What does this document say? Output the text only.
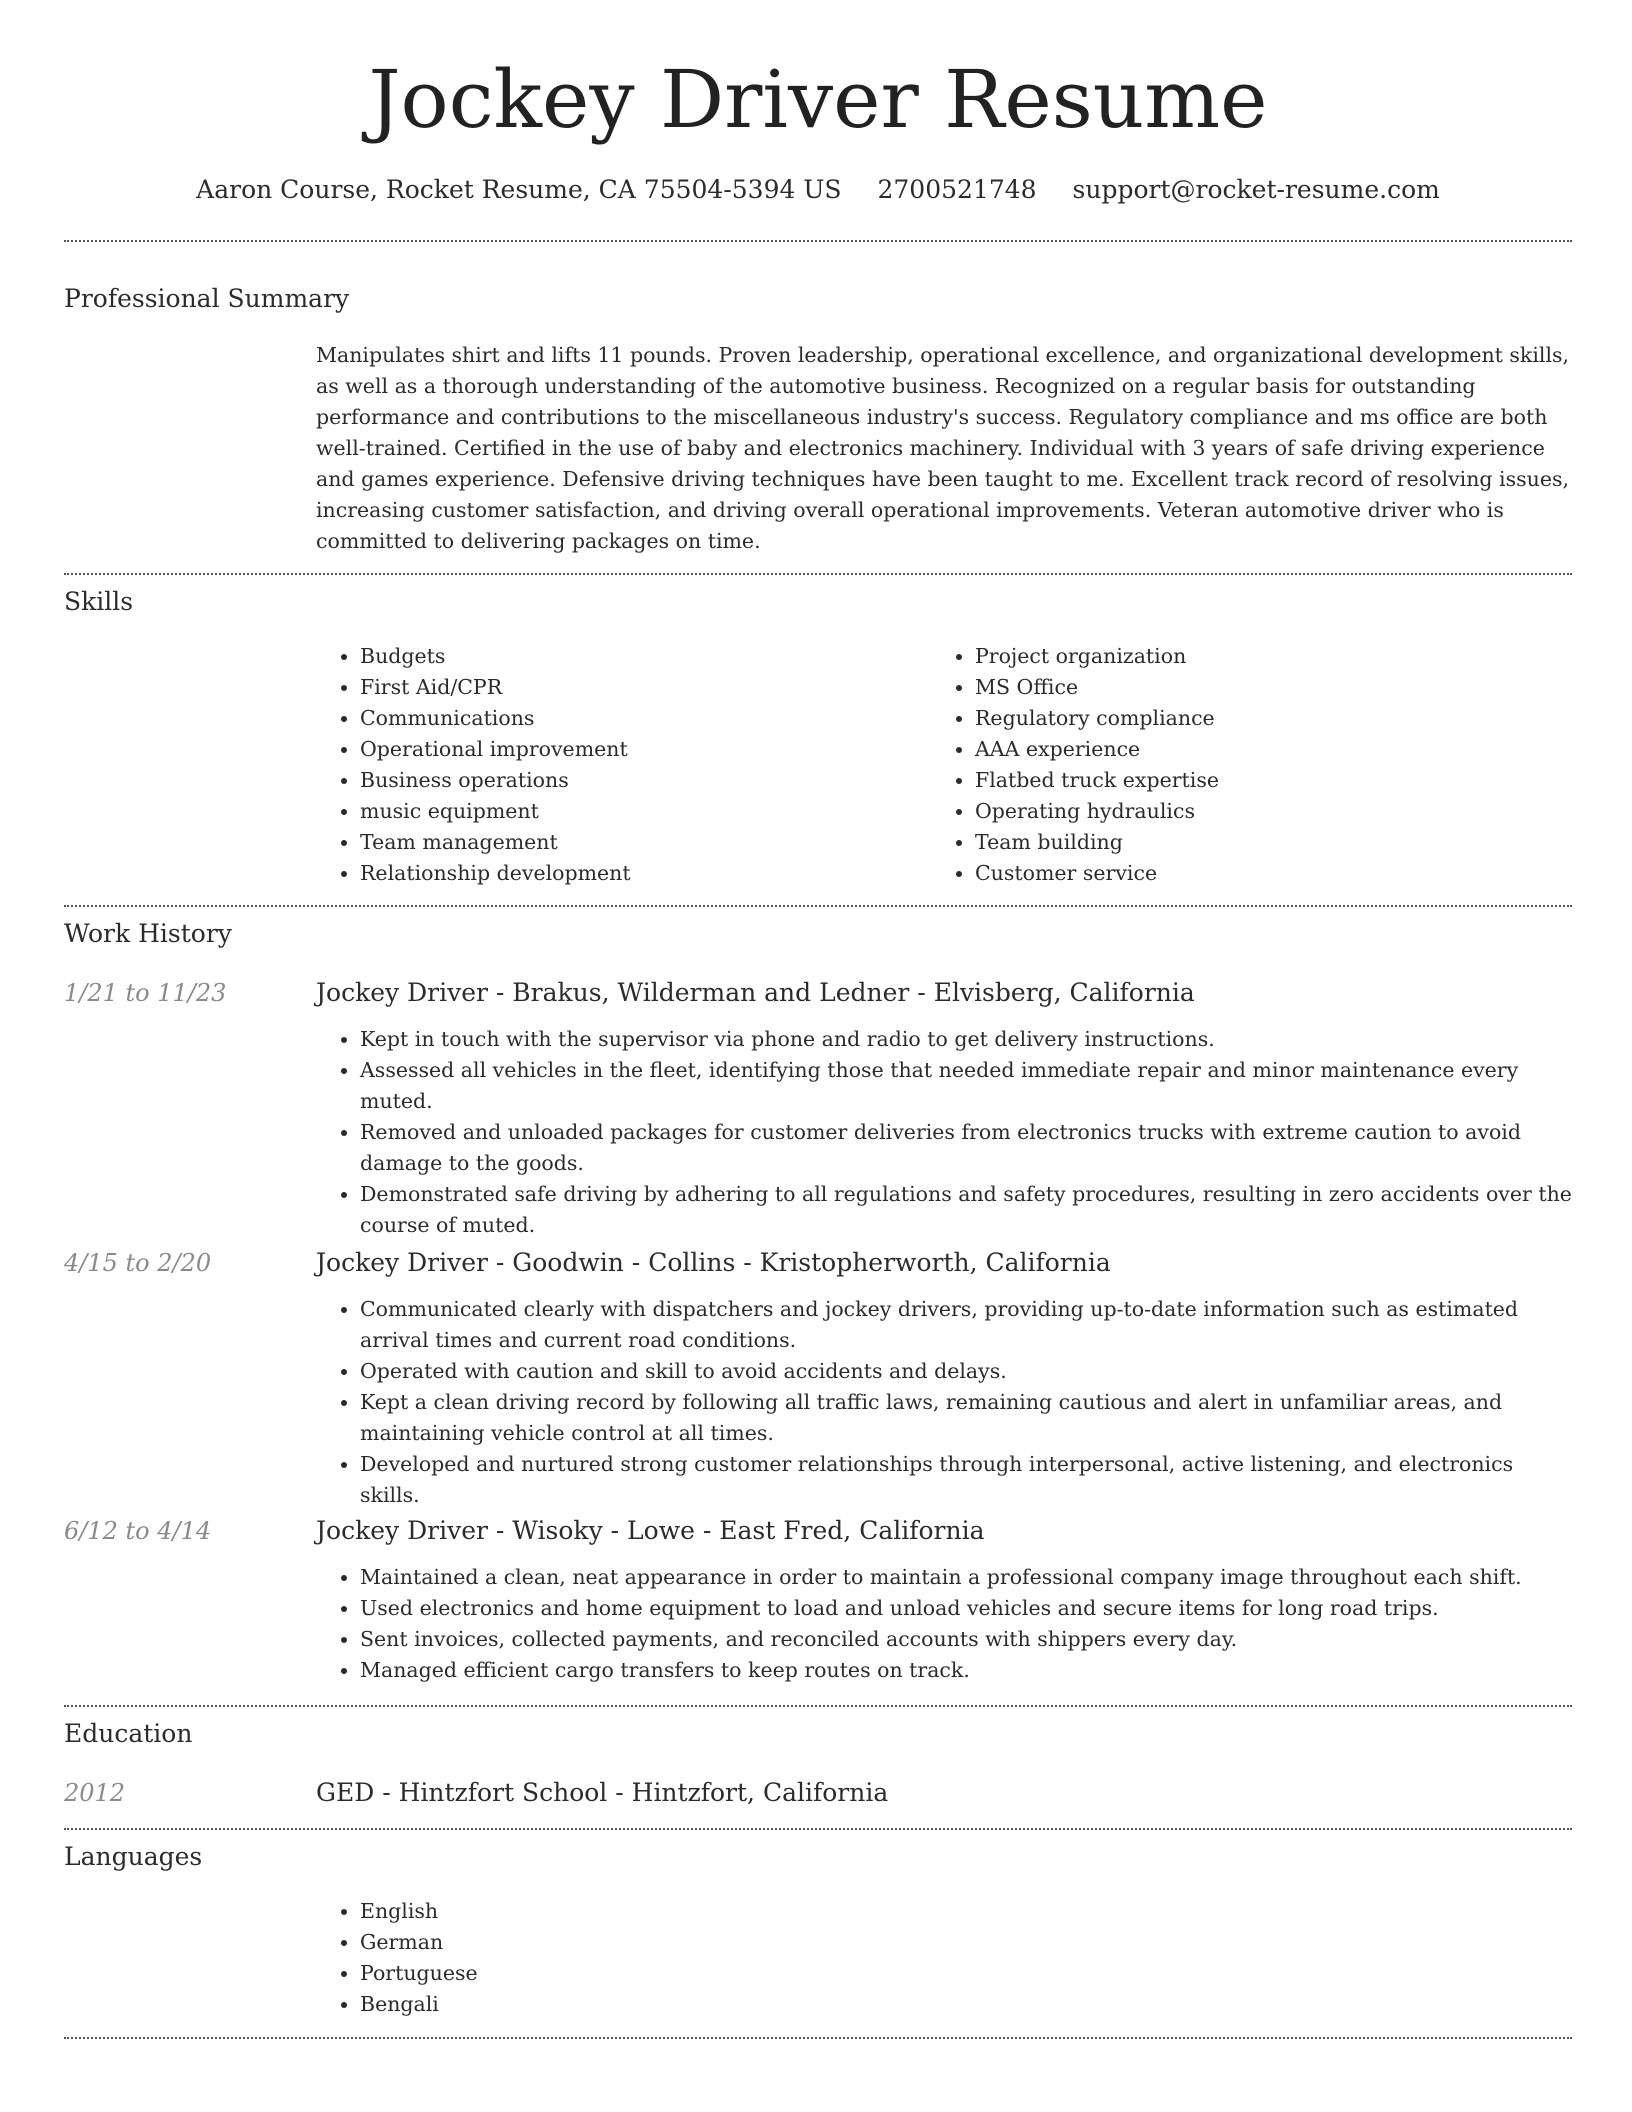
Jockey Driver Resume
Aaron Course, Rocket Resume, CA 75504-5394 US 2700521748 support@rocket-resume.com
Professional Summary

Manipulates shirt and lifts 11 pounds. Proven leadership, operational excellence, and organizational development skills, as well as a thorough understanding of the automotive business. Recognized on a regular basis for outstanding performance and contributions to the miscellaneous industry's success. Regulatory compliance and ms office are both well-trained. Certified in the use of baby and electronics machinery. Individual with 3 years of safe driving experience and games experience. Defensive driving techniques have been taught to me. Excellent track record of resolving issues, increasing customer satisfaction, and driving overall operational improvements. Veteran automotive driver who is committed to delivering packages on time.

Skills
• Budgets
• First Aid/CPR
• Communications
• Operational improvement
• Business operations
• music equipment
• Team management
• Relationship development
• Project organization
• MS Office
• Regulatory compliance
• AAA experience
• Flatbed truck expertise
• Operating hydraulics
• Team building
• Customer service
Work History
1/21 to 11/23	Jockey Driver - Brakus, Wilderman and Ledner - Elvisberg, California
• Kept in touch with the supervisor via phone and radio to get delivery instructions.
• Assessed all vehicles in the fleet, identifying those that needed immediate repair and minor maintenance every muted.
• Removed and unloaded packages for customer deliveries from electronics trucks with extreme caution to avoid damage to the goods.
• Demonstrated safe driving by adhering to all regulations and safety procedures, resulting in zero accidents over the course of muted.
4/15 to 2/20	Jockey Driver - Goodwin - Collins - Kristopherworth, California
• Communicated clearly with dispatchers and jockey drivers, providing up-to-date information such as estimated arrival times and current road conditions.
• Operated with caution and skill to avoid accidents and delays.
• Kept a clean driving record by following all traffic laws, remaining cautious and alert in unfamiliar areas, and maintaining vehicle control at all times.
• Developed and nurtured strong customer relationships through interpersonal, active listening, and electronics skills.
6/12 to 4/14	Jockey Driver - Wisoky - Lowe - East Fred, California
• Maintained a clean, neat appearance in order to maintain a professional company image throughout each shift.
• Used electronics and home equipment to load and unload vehicles and secure items for long road trips.
• Sent invoices, collected payments, and reconciled accounts with shippers every day.
• Managed efficient cargo transfers to keep routes on track.
Education
2012	GED - Hintzfort School - Hintzfort, California
Languages
• English
• German
• Portuguese
• Bengali
